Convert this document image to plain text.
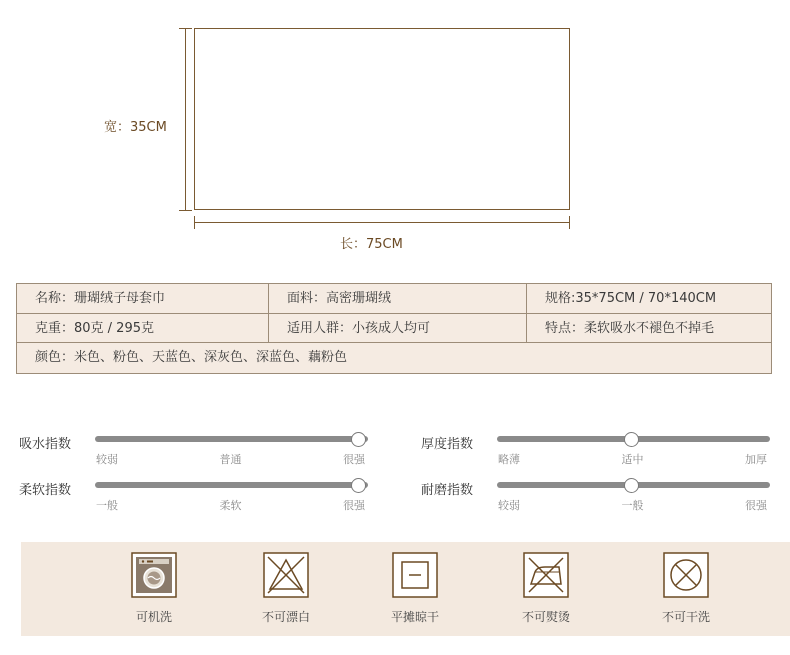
宽：35CM
长：75CM
名称：珊瑚绒子母套巾	面料：高密珊瑚绒	规格:35*75CM / 70*140CM
克重：80克 / 295克	适用人群：小孩成人均可	特点：柔软吸水不褪色不掉毛
颜色：米色、粉色、天蓝色、深灰色、深蓝色、藕粉色
吸水指数
较弱	普通	很强
厚度指数
略薄	适中	加厚
柔软指数
一般	柔软	很强
耐磨指数
较弱	一般	很强
可机洗	不可漂白	平摊晾干	不可熨烫	不可干洗
